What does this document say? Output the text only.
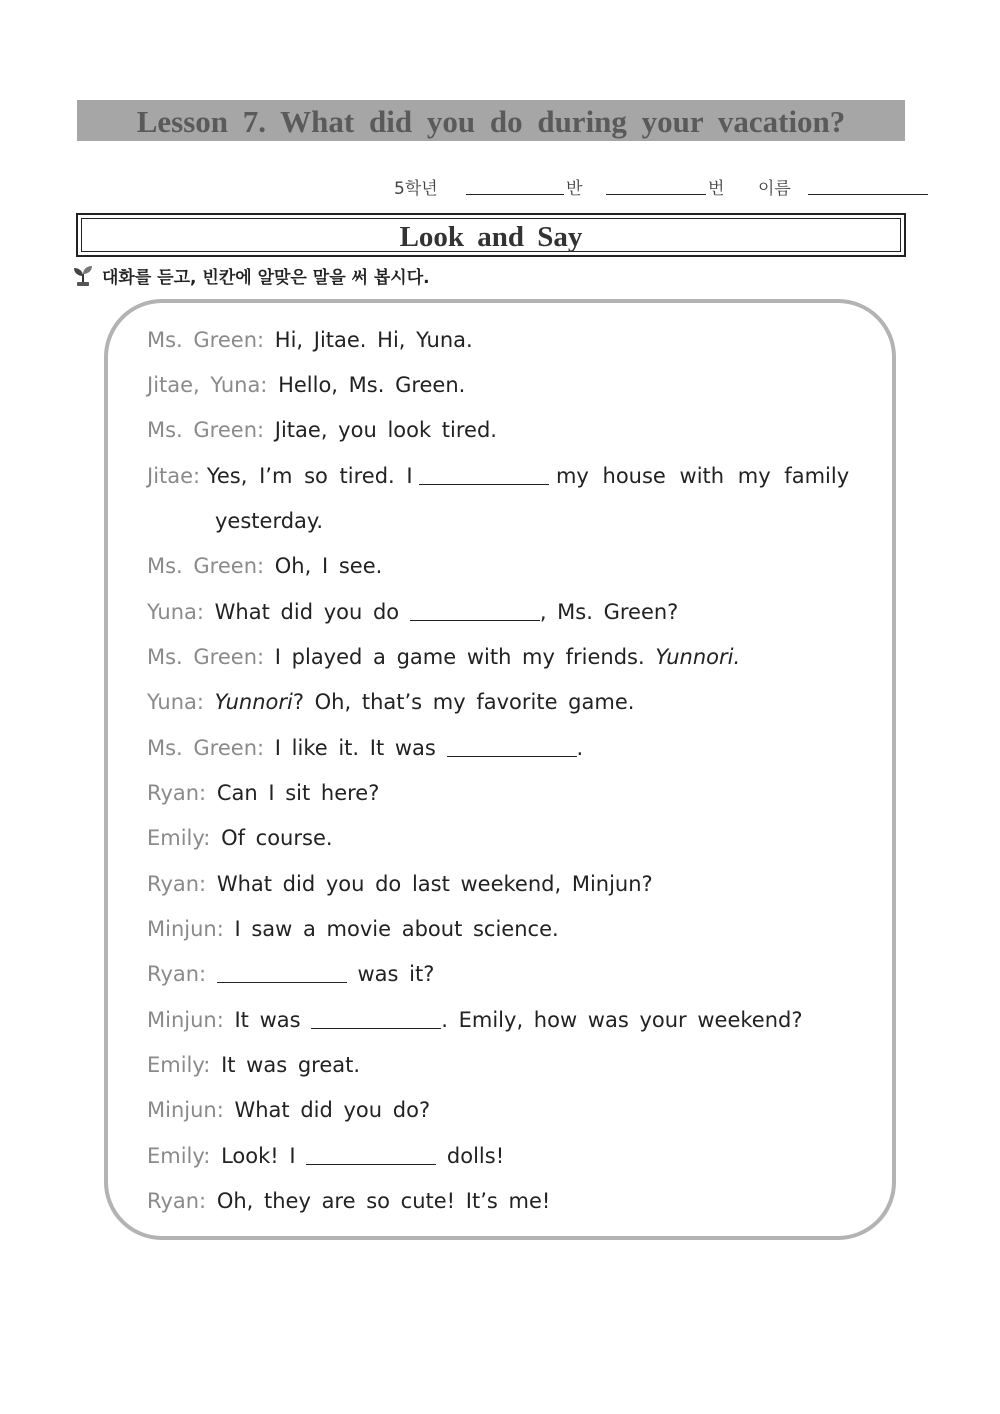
Lesson 7. What did you do during your vacation?
5학년	반	번 이름
Look and Say
대화를 듣고, 빈칸에 알맞은 말을 써 봅시다.
Ms. Green: Hi, Jitae. Hi, Yuna.
Jitae, Yuna: Hello, Ms. Green.
Ms. Green: Jitae, you look tired.
Jitae: Yes, I’m so tired. I	my house with my family
yesterday.
Ms. Green: Oh, I see.
Yuna: What did you do	, Ms. Green?
Ms. Green: I played a game with my friends. Yunnori.
Yuna: Yunnori? Oh, that’s my favorite game.
Ms. Green: I like it. It was	.
Ryan: Can I sit here?
Emily: Of course.
Ryan: What did you do last weekend, Minjun?
Minjun: I saw a movie about science.
Ryan:	was it?
Minjun: It was	. Emily, how was your weekend?
Emily: It was great.
Minjun: What did you do?
Emily: Look! I	dolls!
Ryan: Oh, they are so cute! It’s me!
